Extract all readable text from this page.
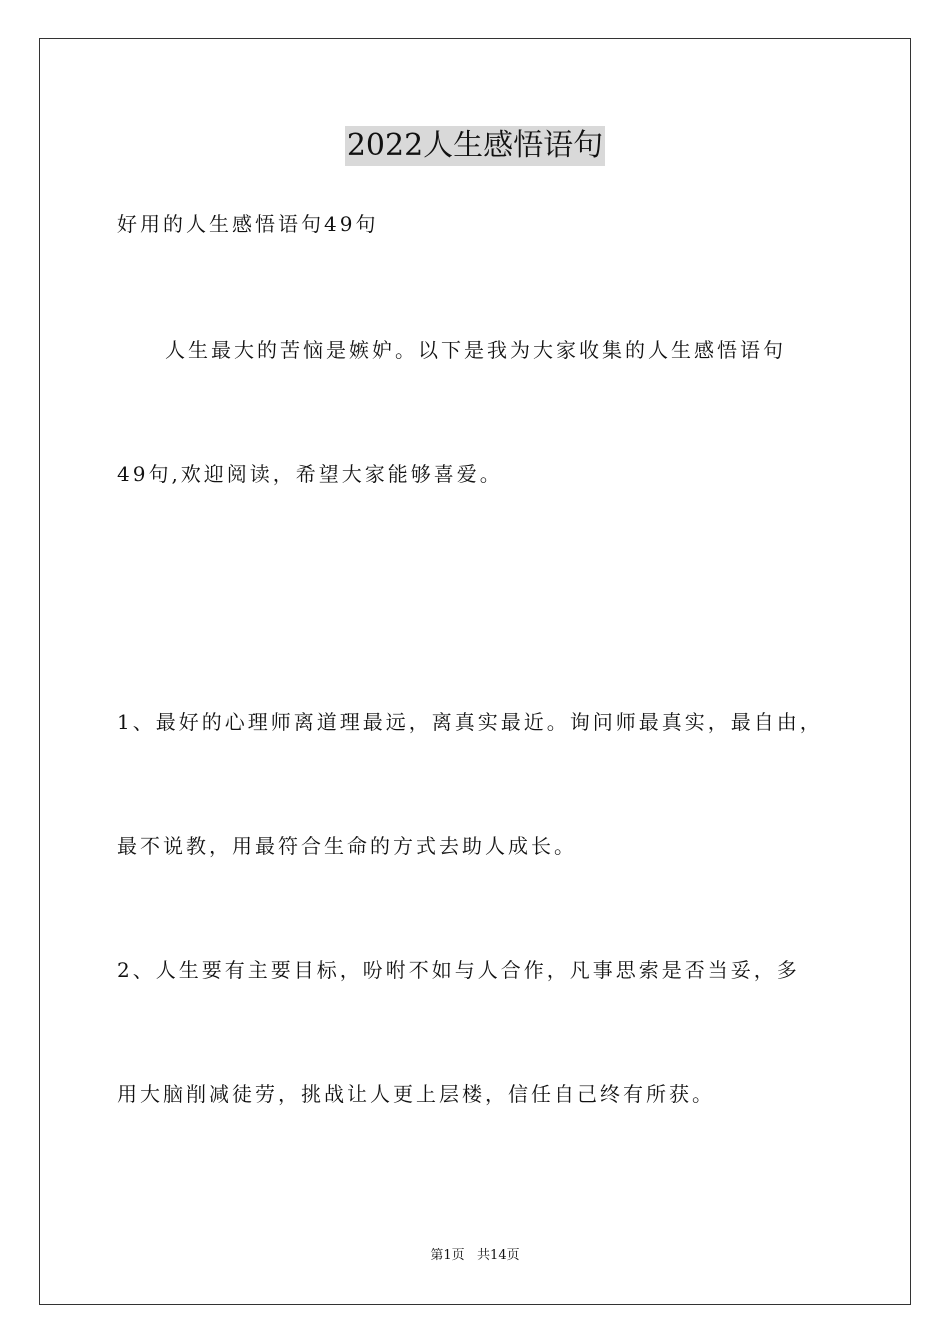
2022人生感悟语句
好用的人生感悟语句49句
人生最大的苦恼是嫉妒。以下是我为大家收集的人生感悟语句
49句,欢迎阅读，希望大家能够喜爱。
1、最好的心理师离道理最远，离真实最近。询问师最真实，最自由，
最不说教，用最符合生命的方式去助人成长。
2、人生要有主要目标，吩咐不如与人合作，凡事思索是否当妥，多
用大脑削减徒劳，挑战让人更上层楼，信任自己终有所获。
第1页   共14页
